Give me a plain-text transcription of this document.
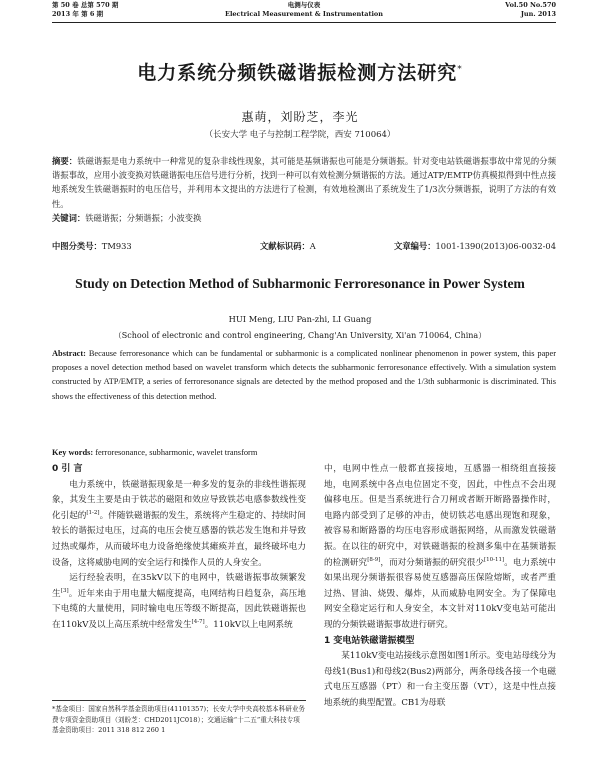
第 50 卷 总第 570 期
2013 年 第 6 期
电测与仪表
Electrical Measurement & Instrumentation
Vol.50 No.570
Jun. 2013
电力系统分频铁磁谐振检测方法研究*
惠萌，刘盼芝，李光
（长安大学 电子与控制工程学院，西安 710064）
摘要：铁磁谐振是电力系统中一种常见的复杂非线性现象，其可能是基频谐振也可能是分频谐振。针对变电站铁磁谐振事故中常见的分频谐振事故，应用小波变换对铁磁谐振电压信号进行分析，找到一种可以有效检测分频谐振的方法。通过ATP/EMTP仿真模拟得到中性点接地系统发生铁磁谐振时的电压信号，并利用本文提出的方法进行了检测，有效地检测出了系统发生了1/3次分频谐振，说明了方法的有效性。
关键词：铁磁谐振；分频谐振；小波变换
中图分类号：TM933	文献标识码：A	文章编号：1001-1390(2013)06-0032-04
Study on Detection Method of Subharmonic Ferroresonance in Power System
HUI Meng, LIU Pan-zhi, LI Guang
（School of electronic and control engineering, Chang'An University, Xi'an 710064, China）
Abstract: Because ferroresonance which can be fundamental or subharmonic is a complicated nonlinear phenomenon in power system, this paper proposes a novel detection method based on wavelet transform which detects the subharmonic ferroresonance effectively. With a simulation system constructed by ATP/EMTP, a series of ferroresonance signals are detected by the method proposed and the 1/3th subharmonic is discriminated. This shows the effectiveness of this detection method.
Key words: ferroresonance, subharmonic, wavelet transform
0 引 言

电力系统中，铁磁谐振现象是一种多发的复杂的非线性谐振现象，其发生主要是由于铁芯的磁阻和效应导致铁芯电感参数线性变化引起的[1-2]。伴随铁磁谐振的发生，系统将产生稳定的、持续时间较长的谐振过电压，过高的电压会使互感器的铁芯发生饱和并导致过热或爆炸，从而破坏电力设备绝缘使其瘫痪并直，最终破坏电力设备，这将威胁电网的安全运行和操作人员的人身安全。

运行经验表明，在35kV以下的电网中，铁磁谐振事故频繁发生[3]。近年来由于用电量大幅度提高，电网结构日趋复杂，高压地下电缆的大量使用，同时输电电压等级不断提高，因此铁磁谐振也在110kV及以上高压系统中经常发生[4-7]。110kV以上电网系统

*基金项目：国家自然科学基金资助项目(41101357)；长安大学中央高校基本科研业务费专项资金资助项目（刘盼芝：CHD2011JC018）；交通运输“十二五”重大科技专项基金资助项目：2011 318 812 260 1

中，电网中性点一般都直接接地，互感器一相绕组直接接地，电网系统中各点电位固定不变，因此，中性点不会出现偏移电压。但是当系统进行合刀闸或者断开断路器操作时，电路内部受到了足够的冲击，使切铁芯电感出现饱和现象，被容易和断路器的均压电容形成谐振网络，从而激发铁磁谐振。在以往的研究中，对铁磁谐振的检测多集中在基频谐振的检测研究[8-9]，而对分频谐振的研究很少[10-11]。电力系统中如果出现分频谐振很容易使互感器高压保险熔断，或者严重过热、冒油、烧毁、爆炸，从而威胁电网安全。为了保障电网安全稳定运行和人身安全，本文针对110kV变电站可能出现的分频铁磁谐振事故进行研究。

1 变电站铁磁谐振模型

某110kV变电站接线示意图如图1所示。变电站母线分为母线1(Bus1)和母线2(Bus2)两部分，两条母线各接一个电磁式电压互感器（PT）和一台主变压器（VT），这是中性点接地系统的典型配置。CB1为母联
